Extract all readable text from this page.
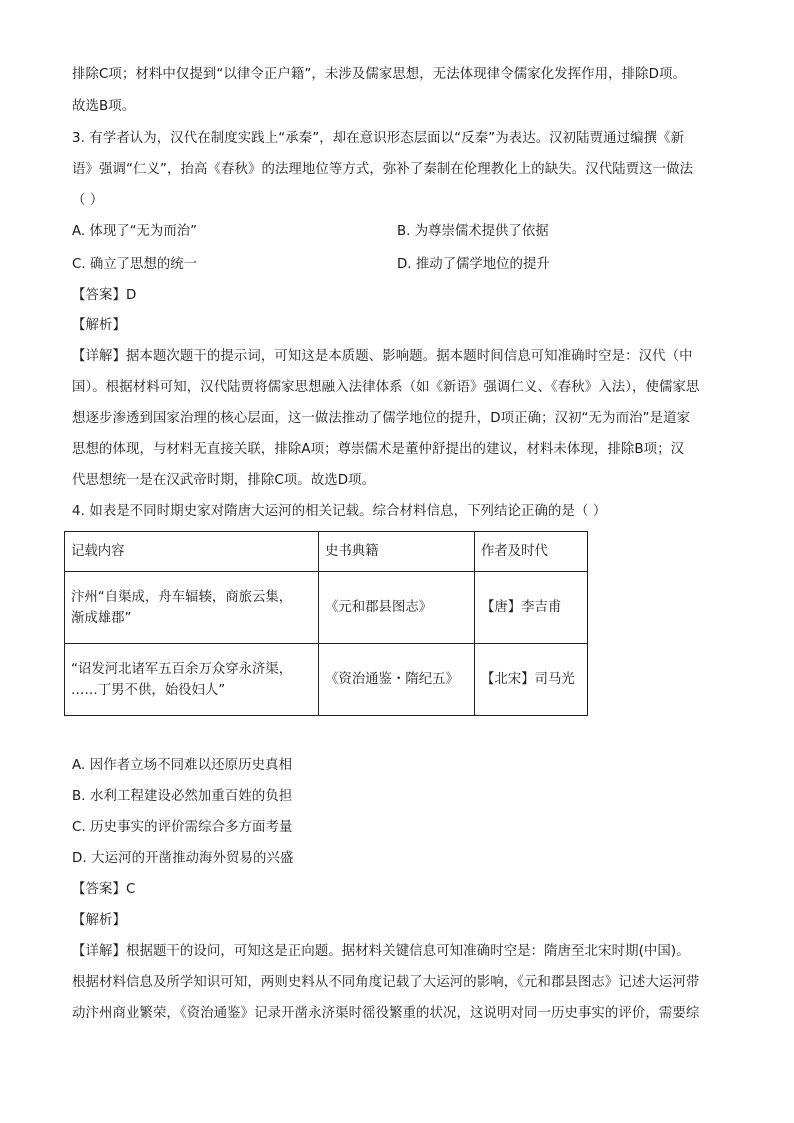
排除C项；材料中仅提到“以律令正户籍”，未涉及儒家思想，无法体现律令儒家化发挥作用，排除D项。
故选B项。
3. 有学者认为，汉代在制度实践上“承秦”，却在意识形态层面以“反秦”为表达。汉初陆贾通过编撰《新
语》强调“仁义”，抬高《春秋》的法理地位等方式，弥补了秦制在伦理教化上的缺失。汉代陆贾这一做法
（ ）
A. 体现了“无为而治”	B. 为尊崇儒术提供了依据
C. 确立了思想的统一	D. 推动了儒学地位的提升
【答案】D
【解析】
【详解】据本题次题干的提示词，可知这是本质题、影响题。据本题时间信息可知准确时空是：汉代（中
国）。根据材料可知，汉代陆贾将儒家思想融入法律体系（如《新语》强调仁义、《春秋》入法），使儒家思
想逐步渗透到国家治理的核心层面，这一做法推动了儒学地位的提升，D项正确；汉初“无为而治”是道家
思想的体现，与材料无直接关联，排除A项；尊崇儒术是董仲舒提出的建议，材料未体现，排除B项；汉
代思想统一是在汉武帝时期，排除C项。故选D项。
4. 如表是不同时期史家对隋唐大运河的相关记载。综合材料信息，下列结论正确的是（ ）
记载内容	史书典籍	作者及时代

汴州“自渠成，舟车辐辏，商旅云集，
渐成雄郡”	《元和郡县图志》	【唐】李吉甫

“诏发河北诸军五百余万众穿永济渠，
……丁男不供，始役妇人”	《资治通鉴・隋纪五》	【北宋】司马光
A. 因作者立场不同难以还原历史真相
B. 水利工程建设必然加重百姓的负担
C. 历史事实的评价需综合多方面考量
D. 大运河的开凿推动海外贸易的兴盛
【答案】C
【解析】
【详解】根据题干的设问，可知这是正向题。据材料关键信息可知准确时空是：隋唐至北宋时期(中国)。
根据材料信息及所学知识可知，两则史料从不同角度记载了大运河的影响，《元和郡县图志》记述大运河带
动汴州商业繁荣，《资治通鉴》记录开凿永济渠时徭役繁重的状况，这说明对同一历史事实的评价，需要综
